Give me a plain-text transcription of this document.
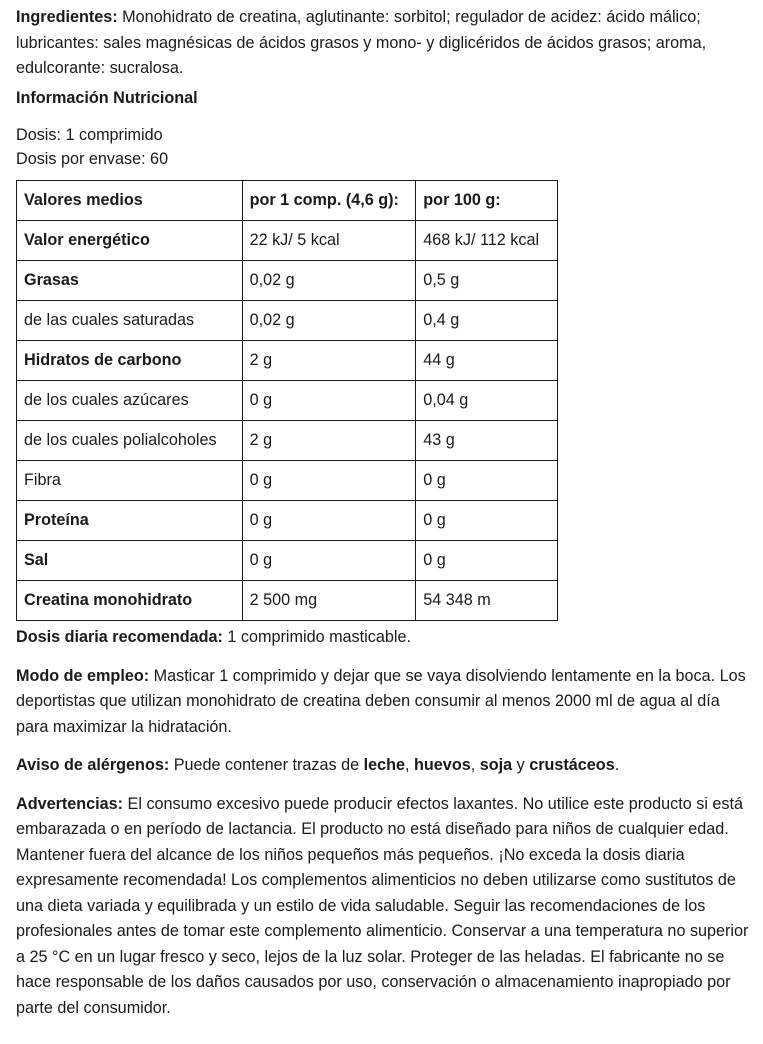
Ingredientes: Monohidrato de creatina, aglutinante: sorbitol; regulador de acidez: ácido málico; lubricantes: sales magnésicas de ácidos grasos y mono- y diglicéridos de ácidos grasos; aroma, edulcorante: sucralosa.

Información Nutricional

Dosis: 1 comprimido

Dosis por envase: 60

Valores medios	por 1 comp. (4,6 g):	por 100 g:
Valor energético	22 kJ/ 5 kcal	468 kJ/ 112 kcal
Grasas	0,02 g	0,5 g
de las cuales saturadas	0,02 g	0,4 g
Hidratos de carbono	2 g	44 g
de los cuales azúcares	0 g	0,04 g
de los cuales polialcoholes	2 g	43 g
Fibra	0 g	0 g
Proteína	0 g	0 g
Sal	0 g	0 g
Creatina monohidrato	2 500 mg	54 348 m

Dosis diaria recomendada: 1 comprimido masticable.

Modo de empleo: Masticar 1 comprimido y dejar que se vaya disolviendo lentamente en la boca. Los deportistas que utilizan monohidrato de creatina deben consumir al menos 2000 ml de agua al día para maximizar la hidratación.

Aviso de alérgenos: Puede contener trazas de leche, huevos, soja y crustáceos.

Advertencias: El consumo excesivo puede producir efectos laxantes. No utilice este producto si está embarazada o en período de lactancia. El producto no está diseñado para niños de cualquier edad. Mantener fuera del alcance de los niños pequeños más pequeños. ¡No exceda la dosis diaria expresamente recomendada! Los complementos alimenticios no deben utilizarse como sustitutos de una dieta variada y equilibrada y un estilo de vida saludable. Seguir las recomendaciones de los profesionales antes de tomar este complemento alimenticio. Conservar a una temperatura no superior a 25 °C en un lugar fresco y seco, lejos de la luz solar. Proteger de las heladas. El fabricante no se hace responsable de los daños causados por uso, conservación o almacenamiento inapropiado por parte del consumidor.
